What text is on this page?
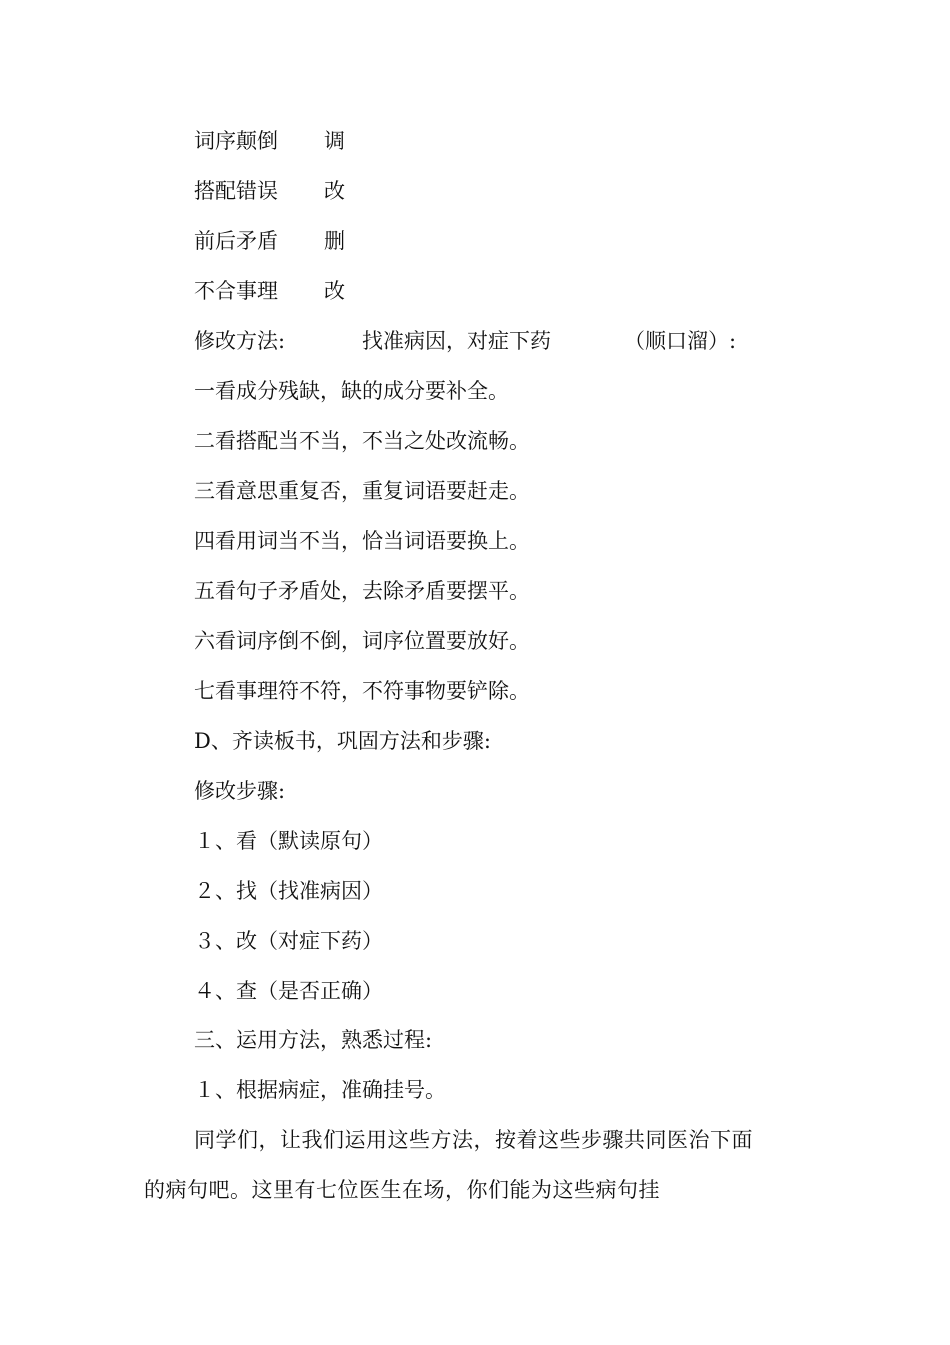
词序颠倒 调
搭配错误 改
前后矛盾 删
不合事理 改
修改方法:	找准病因，对症下药	（顺口溜）:
一看成分残缺，缺的成分要补全。
二看搭配当不当，不当之处改流畅。
三看意思重复否，重复词语要赶走。
四看用词当不当，恰当词语要换上。
五看句子矛盾处，去除矛盾要摆平。
六看词序倒不倒，词序位置要放好。
七看事理符不符，不符事物要铲除。
D、齐读板书，巩固方法和步骤:
修改步骤:
１、看（默读原句）
２、找（找准病因）
３、改（对症下药）
４、查（是否正确）
三、运用方法，熟悉过程:
１、根据病症，准确挂号。
同学们，让我们运用这些方法，按着这些步骤共同医治下面的病句吧。这里有七位医生在场，你们能为这些病句挂
